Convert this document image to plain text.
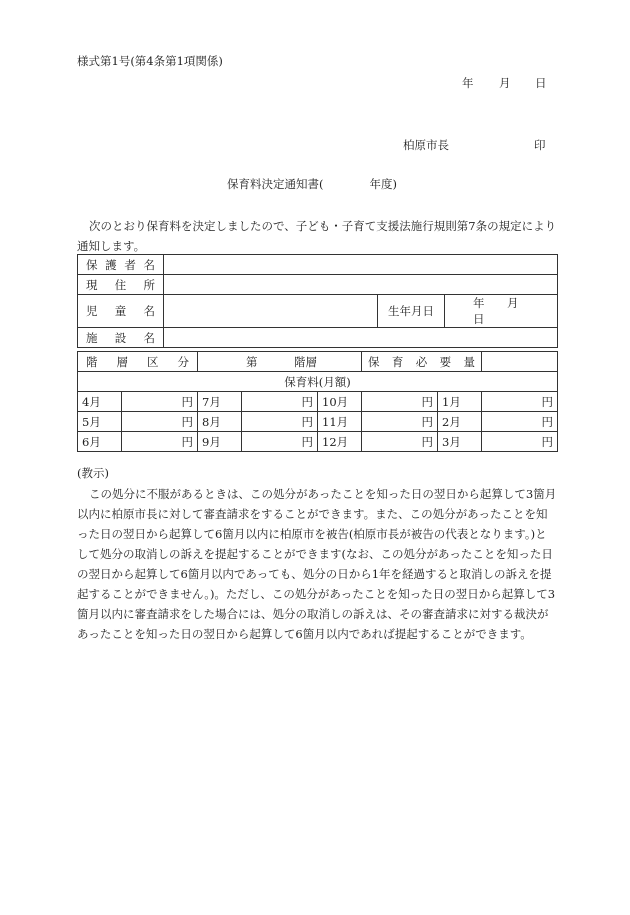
様式第1号(第4条第1項関係)
年 月 日
柏原市長	印
保育料決定通知書(　　　　年度)
次のとおり保育料を決定しましたので、子ども・子育て支援法施行規則第7条の規定により通知します。
保護者名			
現住所			
児童名		生年月日	年 月日
施設名			
階層区分		第 階層			保育必要量		
保育料(月額)							
4月	円	7月	円	10月	円	1月	円
5月	円	8月	円	11月	円	2月	円
6月	円	9月	円	12月	円	3月	円
(教示)
この処分に不服があるときは、この処分があったことを知った日の翌日から起算して3箇月以内に柏原市長に対して審査請求をすることができます。また、この処分があったことを知った日の翌日から起算して6箇月以内に柏原市を被告(柏原市長が被告の代表となります。)として処分の取消しの訴えを提起することができます(なお、この処分があったことを知った日の翌日から起算して6箇月以内であっても、処分の日から1年を経過すると取消しの訴えを提起することができません。)。ただし、この処分があったことを知った日の翌日から起算して3箇月以内に審査請求をした場合には、処分の取消しの訴えは、その審査請求に対する裁決があったことを知った日の翌日から起算して6箇月以内であれば提起することができます。
